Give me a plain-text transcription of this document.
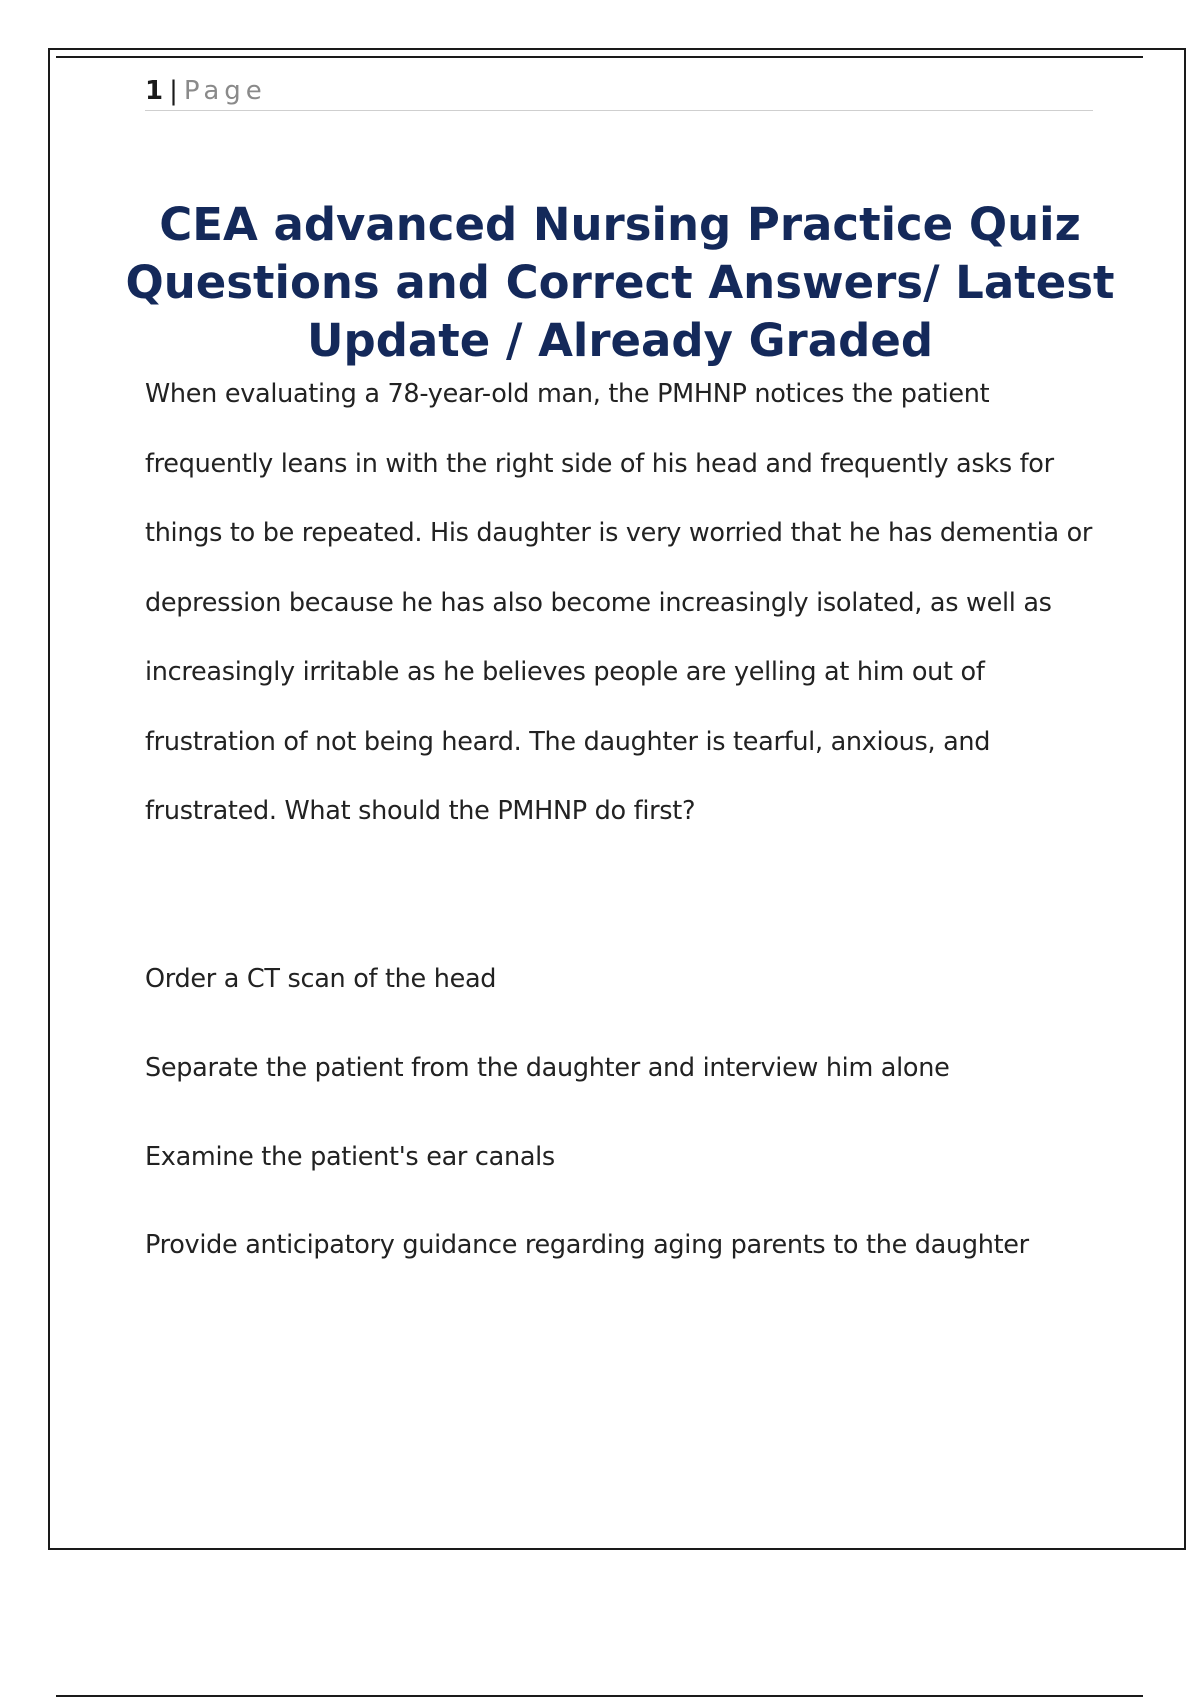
1 | Page
CEA advanced Nursing Practice Quiz Questions and Correct Answers/ Latest Update / Already Graded

When evaluating a 78-year-old man, the PMHNP notices the patient frequently leans in with the right side of his head and frequently asks for things to be repeated. His daughter is very worried that he has dementia or depression because he has also become increasingly isolated, as well as increasingly irritable as he believes people are yelling at him out of frustration of not being heard. The daughter is tearful, anxious, and frustrated. What should the PMHNP do first?

Order a CT scan of the head
Separate the patient from the daughter and interview him alone
Examine the patient's ear canals
Provide anticipatory guidance regarding aging parents to the daughter
